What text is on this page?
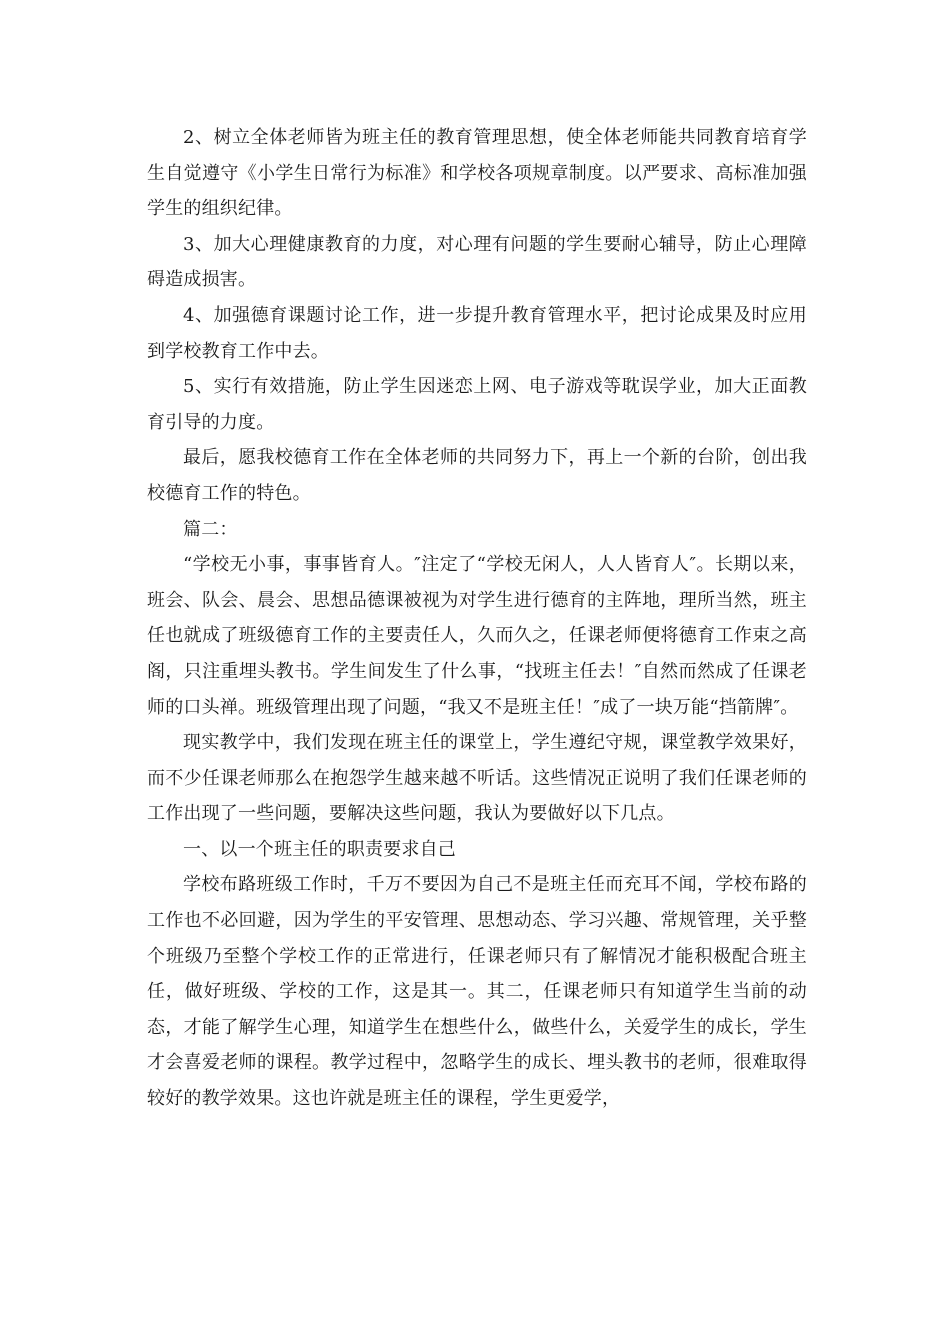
2、树立全体老师皆为班主任的教育管理思想，使全体老师能共同教育培育学生自觉遵守《小学生日常行为标准》和学校各项规章制度。以严要求、高标准加强学生的组织纪律。

3、加大心理健康教育的力度，对心理有问题的学生要耐心辅导，防止心理障碍造成损害。

4、加强德育课题讨论工作，进一步提升教育管理水平，把讨论成果及时应用到学校教育工作中去。

5、实行有效措施，防止学生因迷恋上网、电子游戏等耽误学业，加大正面教育引导的力度。

最后，愿我校德育工作在全体老师的共同努力下，再上一个新的台阶，创出我校德育工作的特色。

篇二：

“学校无小事，事事皆育人。″注定了“学校无闲人，人人皆育人″。长期以来，班会、队会、晨会、思想品德课被视为对学生进行德育的主阵地，理所当然，班主任也就成了班级德育工作的主要责任人，久而久之，任课老师便将德育工作束之高阁，只注重埋头教书。学生间发生了什么事，“找班主任去！″自然而然成了任课老师的口头禅。班级管理出现了问题，“我又不是班主任！″成了一块万能“挡箭牌″。

现实教学中，我们发现在班主任的课堂上，学生遵纪守规，课堂教学效果好，而不少任课老师那么在抱怨学生越来越不听话。这些情况正说明了我们任课老师的工作出现了一些问题，要解决这些问题，我认为要做好以下几点。

一、以一个班主任的职责要求自己

学校布路班级工作时，千万不要因为自己不是班主任而充耳不闻，学校布路的工作也不必回避，因为学生的平安管理、思想动态、学习兴趣、常规管理，关乎整个班级乃至整个学校工作的正常进行，任课老师只有了解情况才能积极配合班主任，做好班级、学校的工作，这是其一。其二，任课老师只有知道学生当前的动态，才能了解学生心理，知道学生在想些什么，做些什么，关爱学生的成长，学生才会喜爱老师的课程。教学过程中，忽略学生的成长、埋头教书的老师，很难取得较好的教学效果。这也许就是班主任的课程，学生更爱学，
